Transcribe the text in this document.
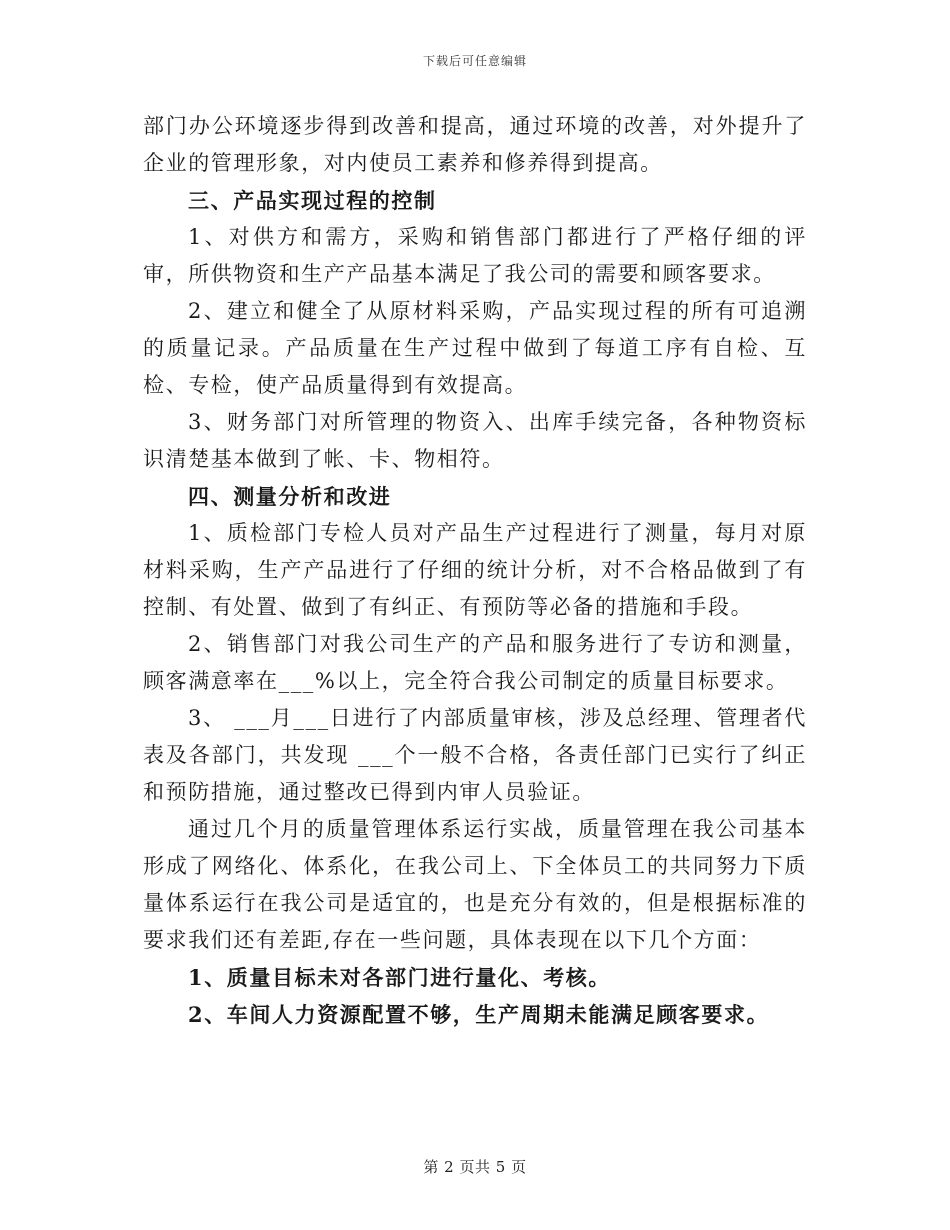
下载后可任意编辑

部门办公环境逐步得到改善和提高，通过环境的改善，对外提升了企业的管理形象，对内使员工素养和修养得到提高。

三、产品实现过程的控制

1、对供方和需方，采购和销售部门都进行了严格仔细的评审，所供物资和生产产品基本满足了我公司的需要和顾客要求。

2、建立和健全了从原材料采购，产品实现过程的所有可追溯的质量记录。产品质量在生产过程中做到了每道工序有自检、互检、专检，使产品质量得到有效提高。

3、财务部门对所管理的物资入、出库手续完备，各种物资标识清楚基本做到了帐、卡、物相符。

四、测量分析和改进

1、质检部门专检人员对产品生产过程进行了测量，每月对原材料采购，生产产品进行了仔细的统计分析，对不合格品做到了有控制、有处置、做到了有纠正、有预防等必备的措施和手段。

2、销售部门对我公司生产的产品和服务进行了专访和测量，顾客满意率在___%以上，完全符合我公司制定的质量目标要求。

3、 ___月___日进行了内部质量审核，涉及总经理、管理者代表及各部门，共发现 ___个一般不合格，各责任部门已实行了纠正和预防措施，通过整改已得到内审人员验证。

通过几个月的质量管理体系运行实战，质量管理在我公司基本形成了网络化、体系化，在我公司上、下全体员工的共同努力下质量体系运行在我公司是适宜的，也是充分有效的，但是根据标准的要求我们还有差距,存在一些问题，具体表现在以下几个方面：

1、质量目标未对各部门进行量化、考核。

2、车间人力资源配置不够，生产周期未能满足顾客要求。

第 2 页共 5 页
